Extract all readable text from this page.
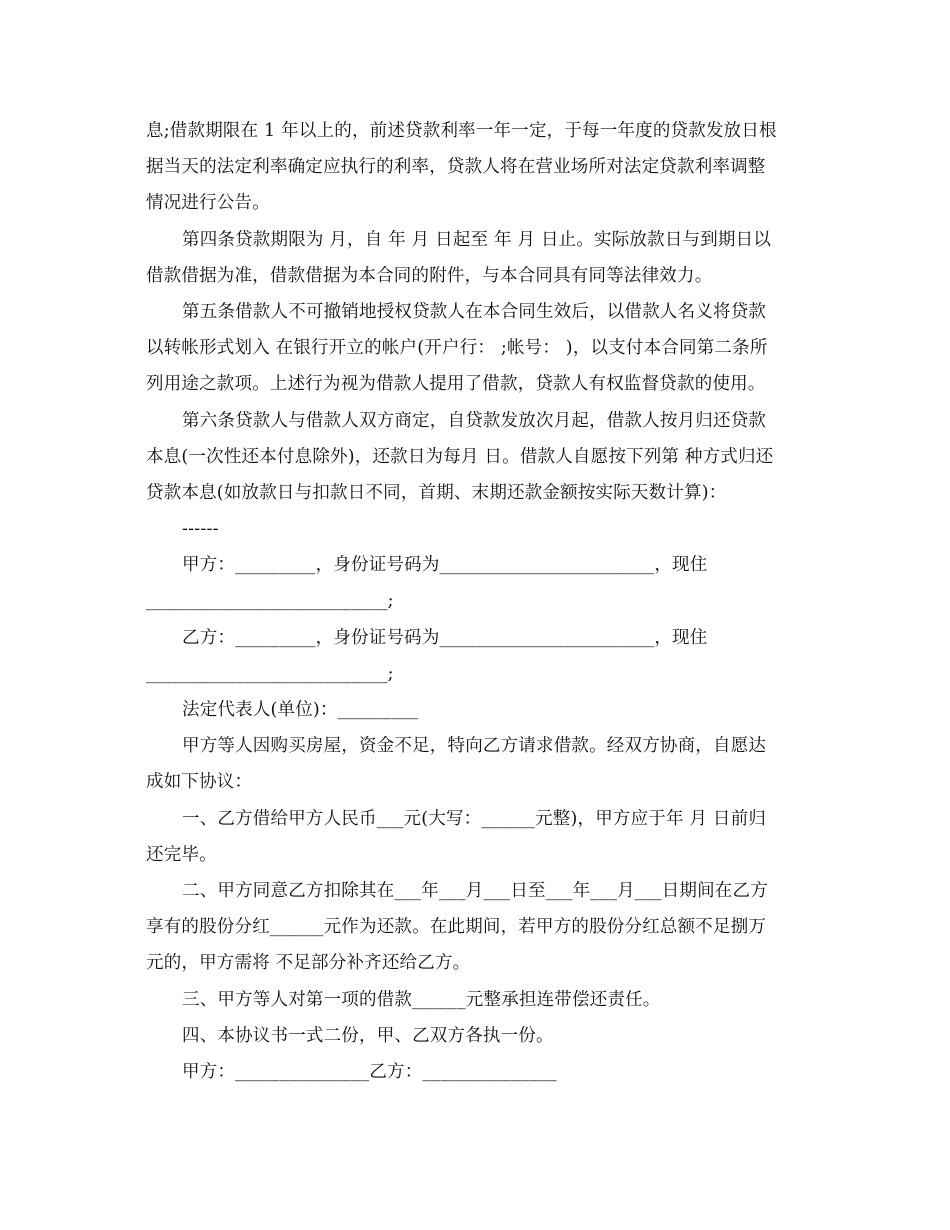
息;借款期限在 1 年以上的，前述贷款利率一年一定，于每一年度的贷款发放日根
据当天的法定利率确定应执行的利率，贷款人将在营业场所对法定贷款利率调整
情况进行公告。
第四条贷款期限为 月，自 年 月 日起至 年 月 日止。实际放款日与到期日以
借款借据为准，借款借据为本合同的附件，与本合同具有同等法律效力。
第五条借款人不可撤销地授权贷款人在本合同生效后，以借款人名义将贷款
以转帐形式划入 在银行开立的帐户(开户行： ;帐号： )，以支付本合同第二条所
列用途之款项。上述行为视为借款人提用了借款，贷款人有权监督贷款的使用。
第六条贷款人与借款人双方商定，自贷款发放次月起，借款人按月归还贷款
本息(一次性还本付息除外)，还款日为每月 日。借款人自愿按下列第 种方式归还
贷款本息(如放款日与扣款日不同，首期、末期还款金额按实际天数计算)：
------
甲方：_________，身份证号码为________________________，现住
___________________________;
乙方：_________，身份证号码为________________________，现住
___________________________;
法定代表人(单位)：_________
甲方等人因购买房屋，资金不足，特向乙方请求借款。经双方协商，自愿达
成如下协议：
一、乙方借给甲方人民币___元(大写：______元整)，甲方应于年 月 日前归
还完毕。
二、甲方同意乙方扣除其在___年___月___日至___年___月___日期间在乙方
享有的股份分红______元作为还款。在此期间，若甲方的股份分红总额不足捌万
元的，甲方需将 不足部分补齐还给乙方。
三、甲方等人对第一项的借款______元整承担连带偿还责任。
四、本协议书一式二份，甲、乙双方各执一份。
甲方：_______________乙方：_______________
